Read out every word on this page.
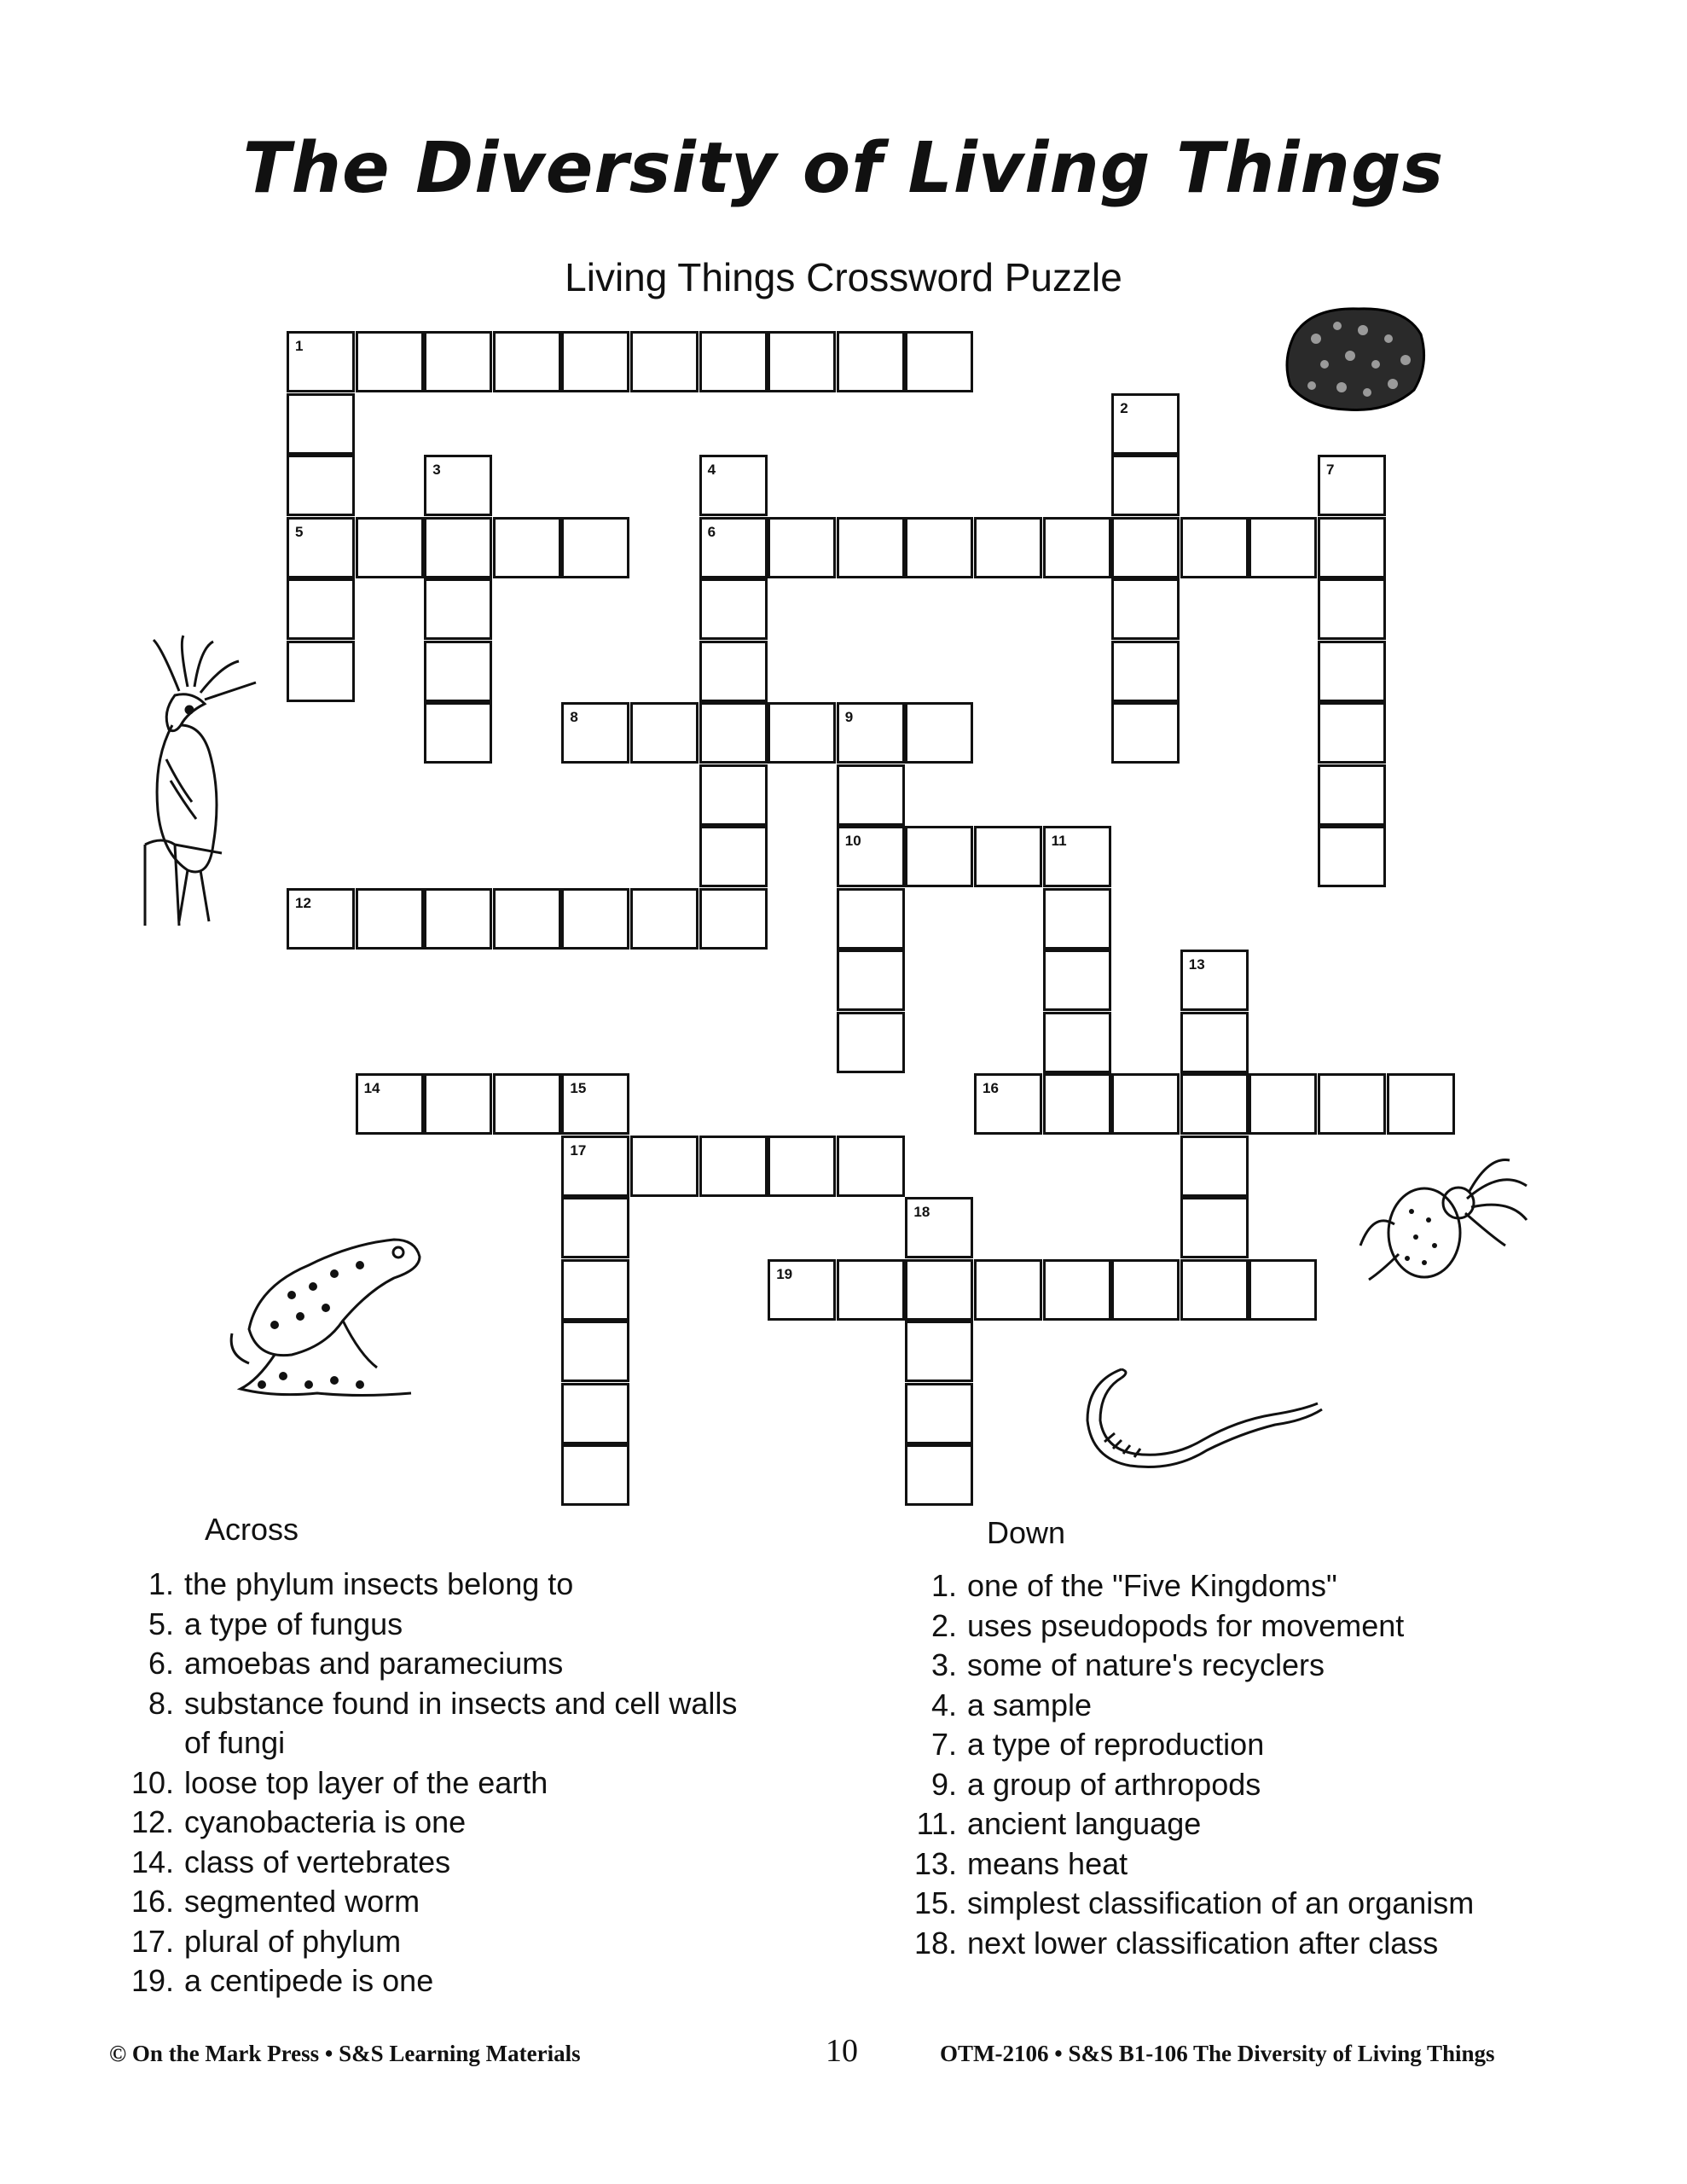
The Diversity of Living Things
Living Things Crossword Puzzle
1
5	6
8	9
10	11
12
14	15	16
17
19
2
3	4	7
13
18
Across
1. the phylum insects belong to
5. a type of fungus
6. amoebas and parameciums
8. substance found in insects and cell walls of fungi
10. loose top layer of the earth
12. cyanobacteria is one
14. class of vertebrates
16. segmented worm
17. plural of phylum
19. a centipede is one
Down
1. one of the "Five Kingdoms"
2. uses pseudopods for movement
3. some of nature's recyclers
4. a sample
7. a type of reproduction
9. a group of arthropods
11. ancient language
13. means heat
15. simplest classification of an organism
18. next lower classification after class
© On the Mark Press • S&S Learning Materials	10	OTM-2106 • S&S B1-106 The Diversity of Living Things
